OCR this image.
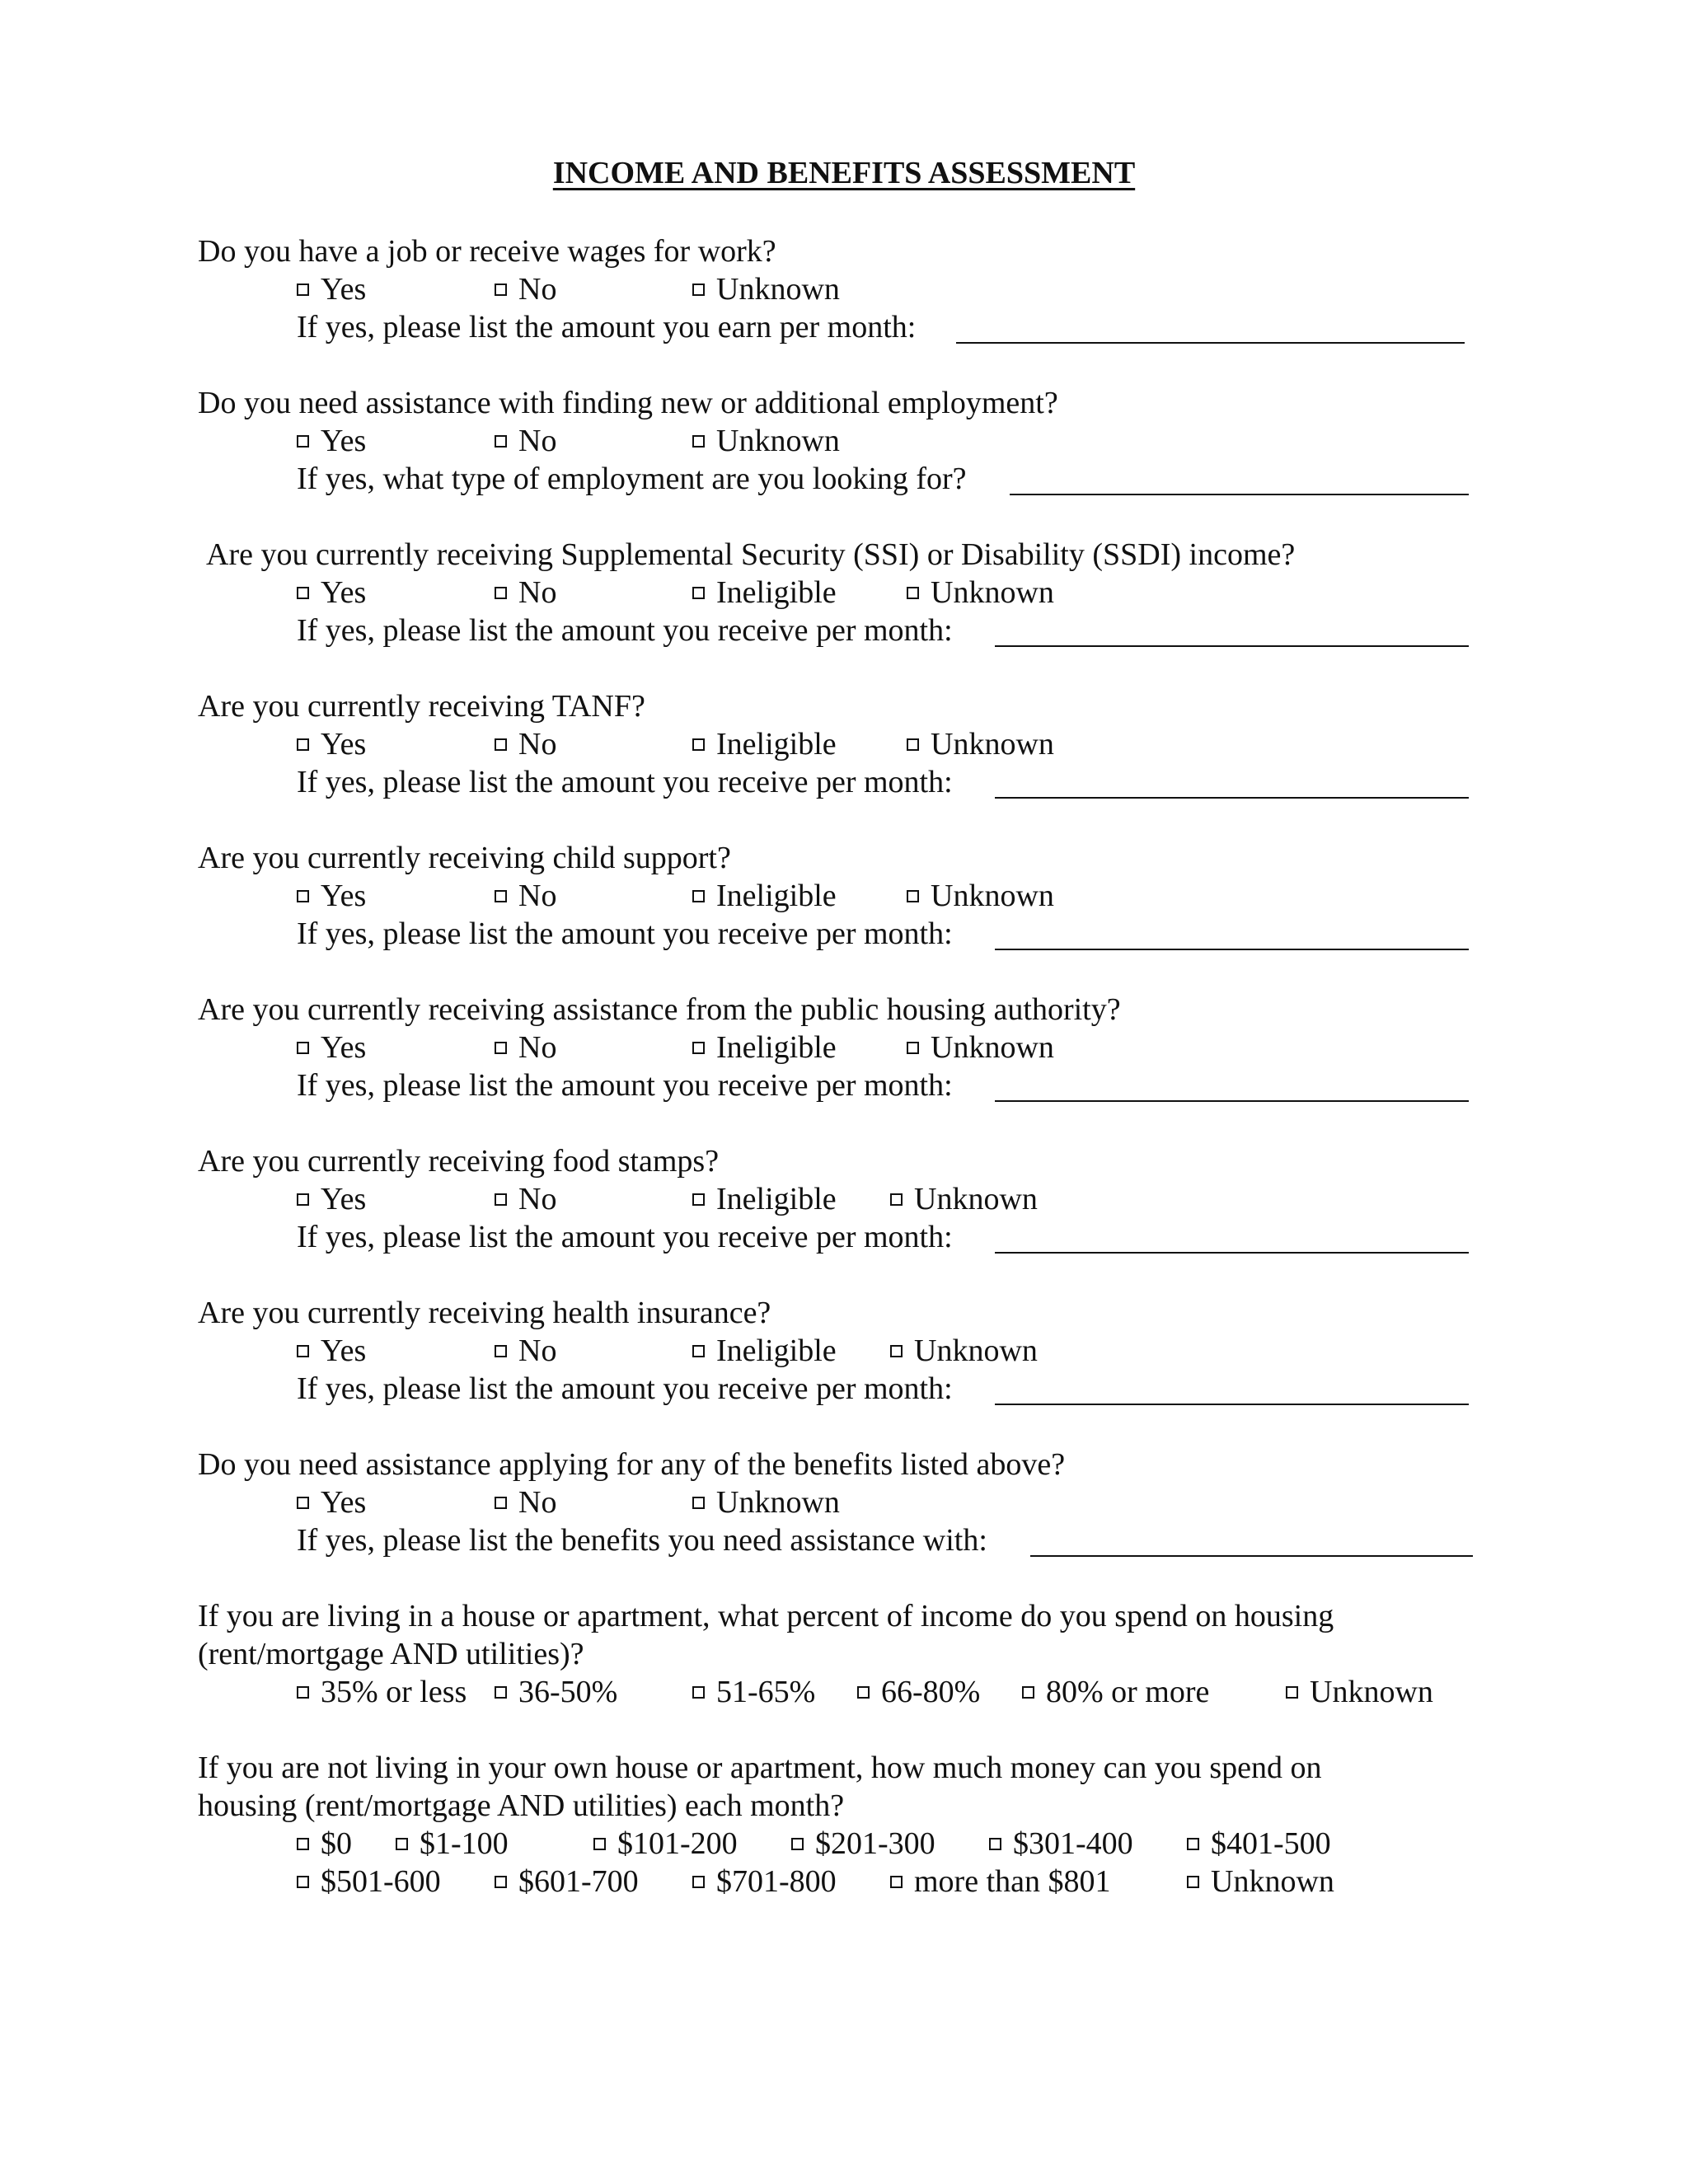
INCOME AND BENEFITS ASSESSMENT
Do you have a job or receive wages for work?
Yes	No	Unknown
If yes, please list the amount you earn per month:
Do you need assistance with finding new or additional employment?
Yes	No	Unknown
If yes, what type of employment are you looking for?
Are you currently receiving Supplemental Security (SSI) or Disability (SSDI) income?
Yes	No	Ineligible	Unknown
If yes, please list the amount you receive per month:
Are you currently receiving TANF?
Yes	No	Ineligible	Unknown
If yes, please list the amount you receive per month:
Are you currently receiving child support?
Yes	No	Ineligible	Unknown
If yes, please list the amount you receive per month:
Are you currently receiving assistance from the public housing authority?
Yes	No	Ineligible	Unknown
If yes, please list the amount you receive per month:
Are you currently receiving food stamps?
Yes	No	Ineligible	Unknown
If yes, please list the amount you receive per month:
Are you currently receiving health insurance?
Yes	No	Ineligible	Unknown
If yes, please list the amount you receive per month:
Do you need assistance applying for any of the benefits listed above?
Yes	No	Unknown
If yes, please list the benefits you need assistance with:
If you are living in a house or apartment, what percent of income do you spend on housing
(rent/mortgage AND utilities)?
35% or less	36-50%	51-65%	66-80%	80% or more	Unknown
If you are not living in your own house or apartment, how much money can you spend on
housing (rent/mortgage AND utilities) each month?
$0	$1-100	$101-200	$201-300	$301-400	$401-500
$501-600	$601-700	$701-800	more than $801	Unknown
